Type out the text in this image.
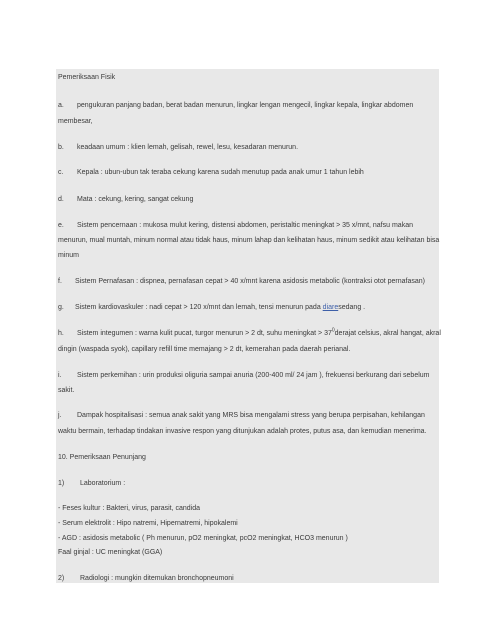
Pemeriksaan Fisik
a. pengukuran panjang badan, berat badan menurun, lingkar lengan mengecil, lingkar kepala, lingkar abdomen
membesar,
b. keadaan umum : klien lemah, gelisah, rewel, lesu, kesadaran menurun.
c. Kepala : ubun-ubun tak teraba cekung karena sudah menutup pada anak umur 1 tahun lebih
d. Mata : cekung, kering, sangat cekung
e. Sistem pencernaan : mukosa mulut kering, distensi abdomen, peristaltic meningkat > 35 x/mnt, nafsu makan
menurun, mual muntah, minum normal atau tidak haus, minum lahap dan kelihatan haus, minum sedikit atau kelihatan bisa
minum
f. Sistem Pernafasan : dispnea, pernafasan cepat > 40 x/mnt karena asidosis metabolic (kontraksi otot pernafasan)
g. Sistem kardiovaskuler : nadi cepat > 120 x/mnt dan lemah, tensi menurun pada diaresedang .
h. Sistem integumen : warna kulit pucat, turgor menurun > 2 dt, suhu meningkat > $37^0derajat$ celsius, akral hangat, akral
dingin (waspada syok), capillary refill time memajang > 2 dt, kemerahan pada daerah perianal.
i. Sistem perkemihan : urin produksi oliguria sampai anuria (200-400 ml/ 24 jam ), frekuensi berkurang dari sebelum
sakit.
j. Dampak hospitalisasi : semua anak sakit yang MRS bisa mengalami stress yang berupa perpisahan, kehilangan
waktu bermain, terhadap tindakan invasive respon yang ditunjukan adalah protes, putus asa, dan kemudian menerima.
10. Pemeriksaan Penunjang
1) Laboratorium :
- Feses kultur : Bakteri, virus, parasit, candida
- Serum elektrolit : Hipo natremi, Hipernatremi, hipokalemi
- AGD : asidosis metabolic ( Ph menurun, pO2 meningkat, pcO2 meningkat, HCO3 menurun )
Faal ginjal : UC meningkat (GGA)
2) Radiologi : mungkin ditemukan bronchopneumoni
